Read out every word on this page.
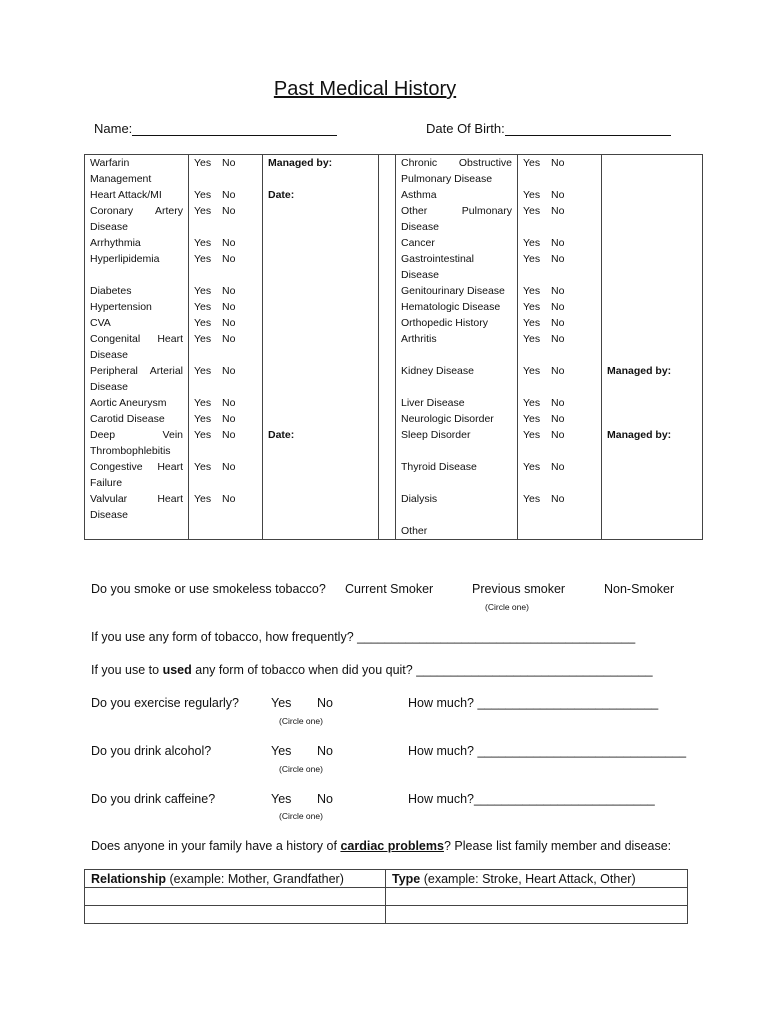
Past Medical History
Name:	Date Of Birth:
Warfarin Management	Yes No	Managed by:		Chronic Obstructive Pulmonary Disease	Yes No	
Heart Attack/MI	Yes No	Date:		Asthma	Yes No	
Coronary Artery Disease	Yes No			Other Pulmonary Disease	Yes No	
Arrhythmia	Yes No			Cancer	Yes No	
Hyperlipidemia	Yes No			Gastrointestinal Disease	Yes No	
Diabetes	Yes No			Genitourinary Disease	Yes No	
Hypertension	Yes No			Hematologic Disease	Yes No	
CVA	Yes No			Orthopedic History	Yes No	
Congenital Heart Disease	Yes No			Arthritis	Yes No	
Peripheral Arterial Disease	Yes No			Kidney Disease	Yes No	Managed by:
Aortic Aneurysm	Yes No			Liver Disease	Yes No	
Carotid Disease	Yes No			Neurologic Disorder	Yes No	
Deep Vein Thrombophlebitis	Yes No	Date:		Sleep Disorder	Yes No	Managed by:
Congestive Heart Failure	Yes No			Thyroid Disease	Yes No	
Valvular Heart Disease	Yes No			Dialysis	Yes No	
				Other		
Do you smoke or use smokeless tobacco? Current Smoker	Previous smoker	Non-Smoker
(Circle one)
If you use any form of tobacco, how frequently? ________________________________________
If you use to used any form of tobacco when did you quit? __________________________________
Do you exercise regularly?	Yes No
(Circle one)
How much? __________________________
Do you drink alcohol?	Yes No
(Circle one)
How much? ______________________________
Do you drink caffeine?	Yes No
(Circle one)
How much?__________________________
Does anyone in your family have a history of cardiac problems? Please list family member and disease:
Relationship (example: Mother, Grandfather)	Type (example: Stroke, Heart Attack, Other)
